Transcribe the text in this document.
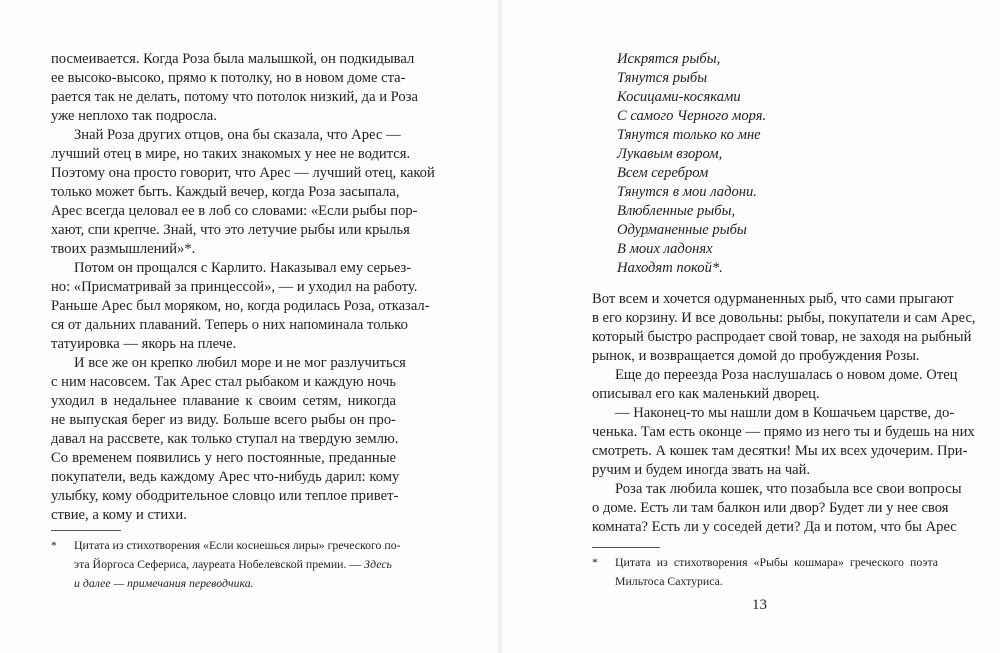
посмеивается. Когда Роза была малышкой, он подкидывал
ее высоко-высоко, прямо к потолку, но в новом доме ста-
рается так не делать, потому что потолок низкий, да и Роза
уже неплохо так подросла.
Знай Роза других отцов, она бы сказала, что Арес —
лучший отец в мире, но таких знакомых у нее не водится.
Поэтому она просто говорит, что Арес — лучший отец, какой
только может быть. Каждый вечер, когда Роза засыпала,
Арес всегда целовал ее в лоб со словами: «Если рыбы пор-
хают, спи крепче. Знай, что это летучие рыбы или крылья
твоих размышлений»*.
Потом он прощался с Карлито. Наказывал ему серьез-
но: «Присматривай за принцессой», — и уходил на работу.
Раньше Арес был моряком, но, когда родилась Роза, отказал-
ся от дальних плаваний. Теперь о них напоминала только
татуировка — якорь на плече.
И все же он крепко любил море и не мог разлучиться
с ним насовсем. Так Арес стал рыбаком и каждую ночь
уходил в недальнее плавание к своим сетям, никогда
не выпуская берег из виду. Больше всего рыбы он про-
давал на рассвете, как только ступал на твердую землю.
Со временем появились у него постоянные, преданные
покупатели, ведь каждому Арес что-нибудь дарил: кому
улыбку, кому ободрительное словцо или теплое привет-
ствие, а кому и стихи.
* Цитата из стихотворения «Если коснешься лиры» греческого по-
эта Йоргоса Сефериса, лауреата Нобелевской премии. — Здесь
и далее — примечания переводчика.
Искрятся рыбы,
Тянутся рыбы
Косицами-косяками
С самого Черного моря.
Тянутся только ко мне
Лукавым взором,
Всем серебром
Тянутся в мои ладони.
Влюбленные рыбы,
Одурманенные рыбы
В моих ладонях
Находят покой*.
Вот всем и хочется одурманенных рыб, что сами прыгают
в его корзину. И все довольны: рыбы, покупатели и сам Арес,
который быстро распродает свой товар, не заходя на рыбный
рынок, и возвращается домой до пробуждения Розы.
Еще до переезда Роза наслушалась о новом доме. Отец
описывал его как маленький дворец.
— Наконец-то мы нашли дом в Кошачьем царстве, до-
ченька. Там есть оконце — прямо из него ты и будешь на них
смотреть. А кошек там десятки! Мы их всех удочерим. При-
ручим и будем иногда звать на чай.
Роза так любила кошек, что позабыла все свои вопросы
о доме. Есть ли там балкон или двор? Будет ли у нее своя
комната? Есть ли у соседей дети? Да и потом, что бы Арес
* Цитата из стихотворения «Рыбы кошмара» греческого поэта
Мильтоса Сахтуриса.
13
